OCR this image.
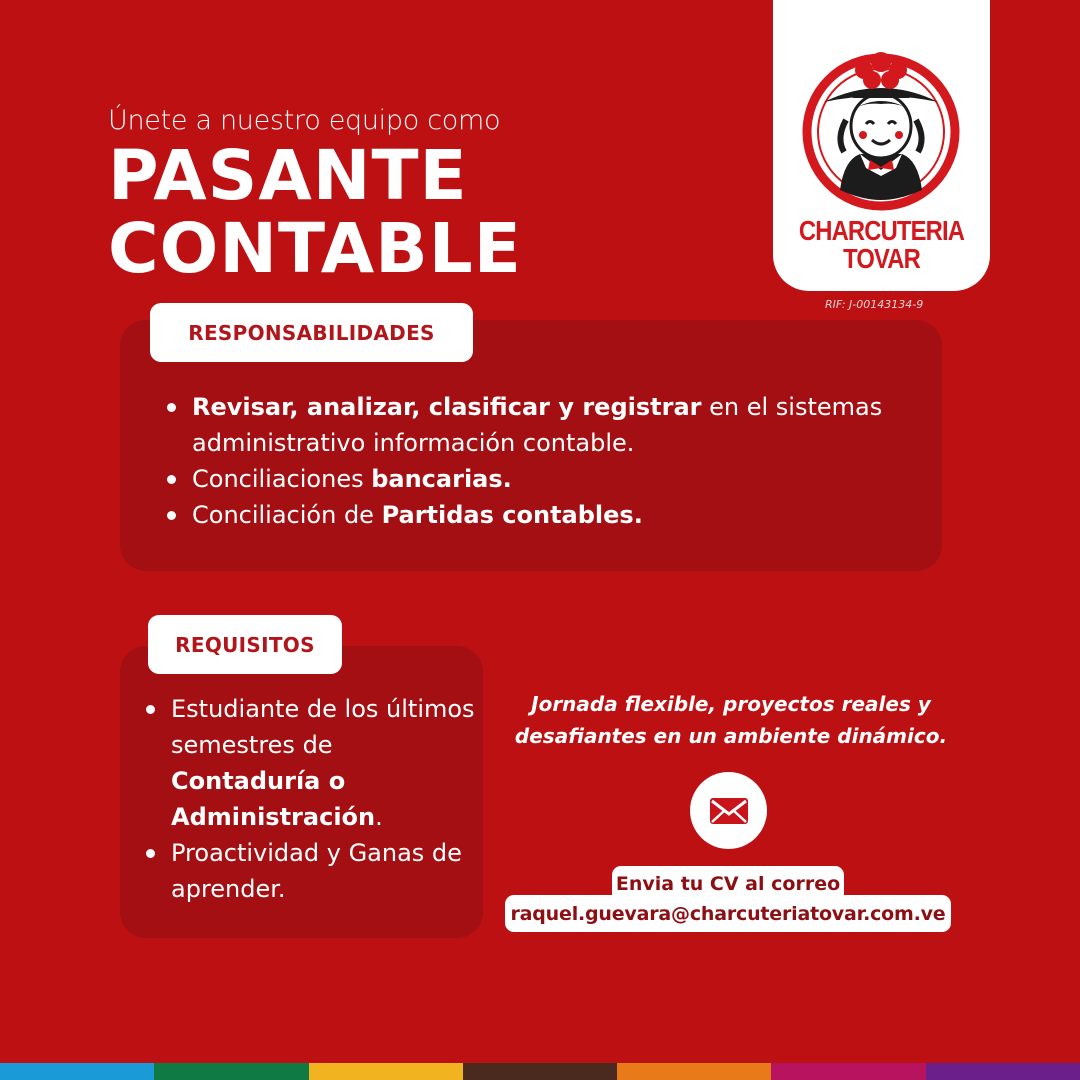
Únete a nuestro equipo como
PASANTE
CONTABLE	CHARCUTERIA
TOVAR
RIF: J-00143134-9
RESPONSABILIDADES
Revisar, analizar, clasificar y registrar en el sistemas administrativo información contable.
Conciliaciones bancarias.
Conciliación de Partidas contables.
REQUISITOS
Estudiante de los últimos semestres de Contaduría o Administración.
Proactividad y Ganas de aprender.
Jornada flexible, proyectos reales y desafiantes en un ambiente dinámico.
Envia tu CV al correo
raquel.guevara@charcuteriatovar.com.ve
